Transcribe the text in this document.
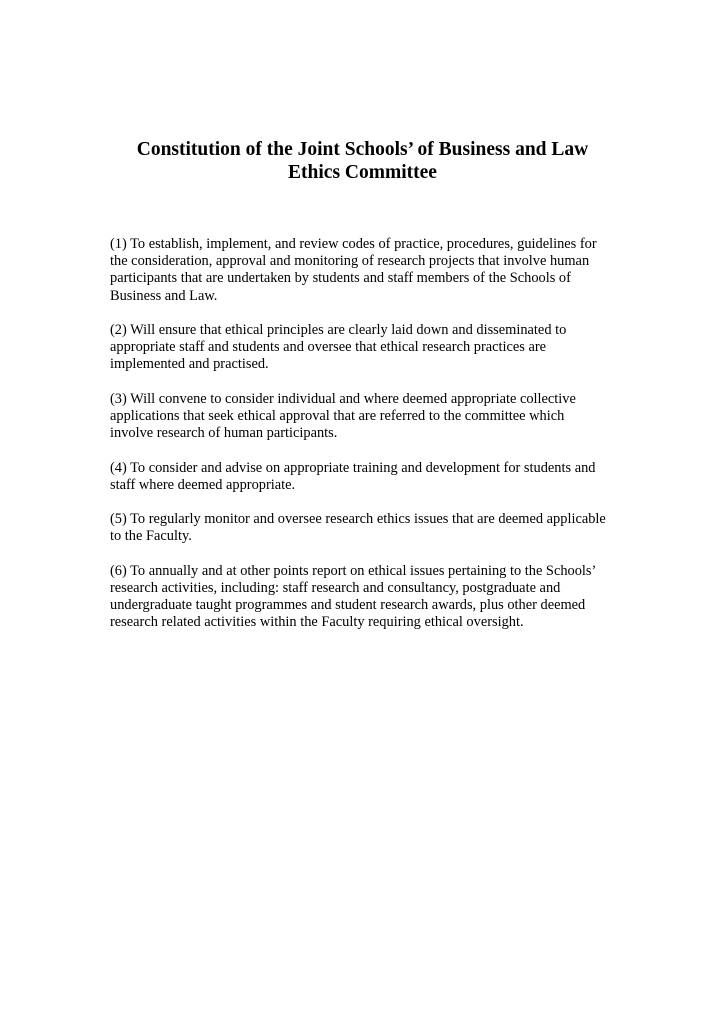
Constitution of the Joint Schools’ of Business and Law
Ethics Committee

(1) To establish, implement, and review codes of practice, procedures, guidelines for
the consideration, approval and monitoring of research projects that involve human
participants that are undertaken by students and staff members of the Schools of
Business and Law.

(2) Will ensure that ethical principles are clearly laid down and disseminated to
appropriate staff and students and oversee that ethical research practices are
implemented and practised.

(3) Will convene to consider individual and where deemed appropriate collective
applications that seek ethical approval that are referred to the committee which
involve research of human participants.

(4) To consider and advise on appropriate training and development for students and
staff where deemed appropriate.

(5) To regularly monitor and oversee research ethics issues that are deemed applicable
to the Faculty.

(6) To annually and at other points report on ethical issues pertaining to the Schools’
research activities, including: staff research and consultancy, postgraduate and
undergraduate taught programmes and student research awards, plus other deemed
research related activities within the Faculty requiring ethical oversight.
